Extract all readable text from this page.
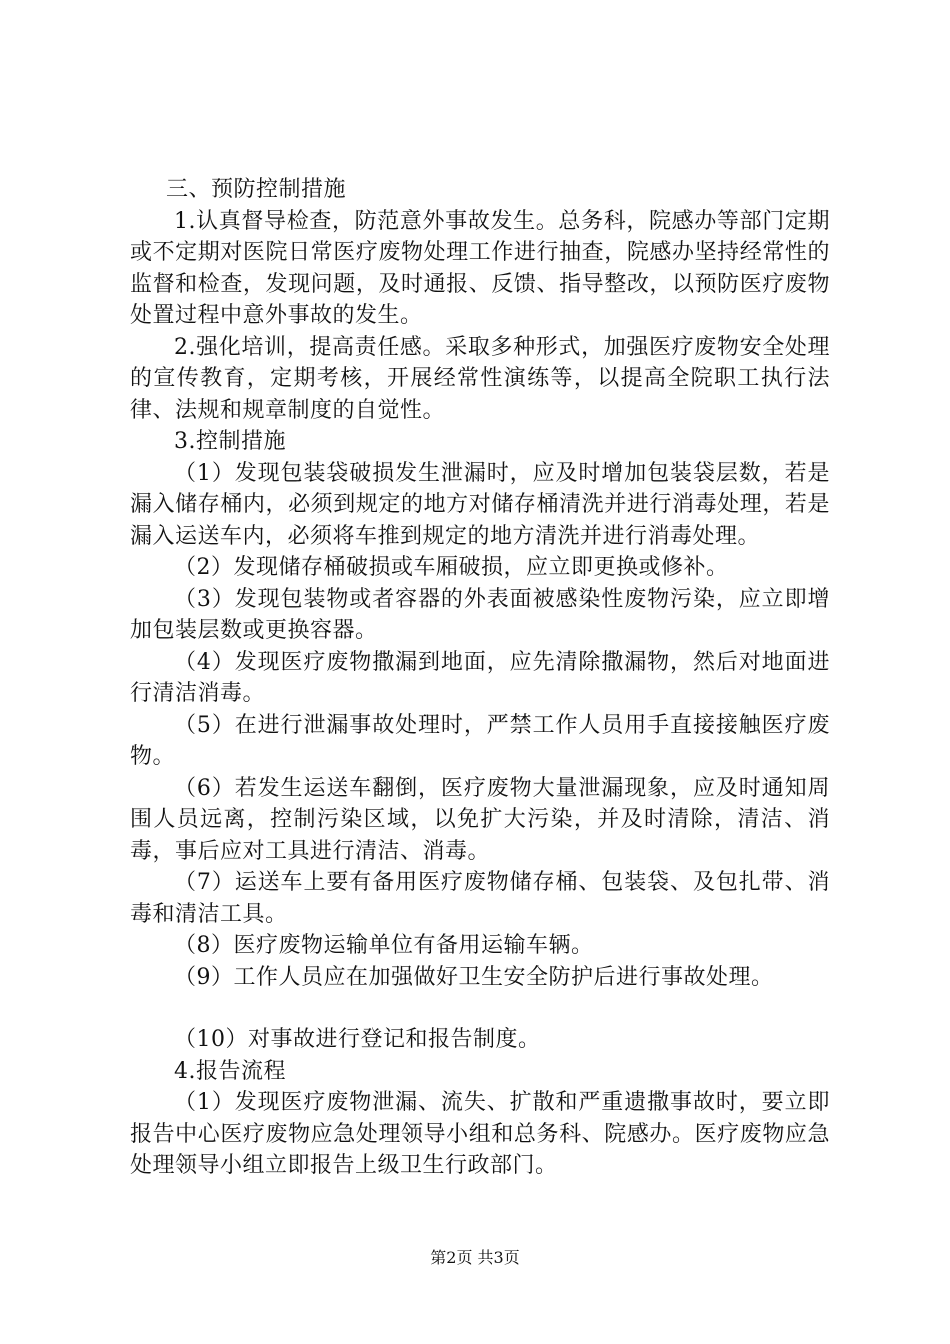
三、预防控制措施

1.认真督导检查，防范意外事故发生。总务科，院感办等部门定期或不定期对医院日常医疗废物处理工作进行抽查，院感办坚持经常性的监督和检查，发现问题，及时通报、反馈、指导整改，以预防医疗废物处置过程中意外事故的发生。

2.强化培训，提高责任感。采取多种形式，加强医疗废物安全处理的宣传教育，定期考核，开展经常性演练等，以提高全院职工执行法律、法规和规章制度的自觉性。

3.控制措施

（1）发现包装袋破损发生泄漏时，应及时增加包装袋层数，若是漏入储存桶内，必须到规定的地方对储存桶清洗并进行消毒处理，若是漏入运送车内，必须将车推到规定的地方清洗并进行消毒处理。

（2）发现储存桶破损或车厢破损，应立即更换或修补。

（3）发现包装物或者容器的外表面被感染性废物污染，应立即增加包装层数或更换容器。

（4）发现医疗废物撒漏到地面，应先清除撒漏物，然后对地面进行清洁消毒。

（5）在进行泄漏事故处理时，严禁工作人员用手直接接触医疗废物。

（6）若发生运送车翻倒，医疗废物大量泄漏现象，应及时通知周围人员远离，控制污染区域，以免扩大污染，并及时清除，清洁、消毒，事后应对工具进行清洁、消毒。

（7）运送车上要有备用医疗废物储存桶、包装袋、及包扎带、消毒和清洁工具。

（8）医疗废物运输单位有备用运输车辆。

（9）工作人员应在加强做好卫生安全防护后进行事故处理。

（10）对事故进行登记和报告制度。

4.报告流程

（1）发现医疗废物泄漏、流失、扩散和严重遗撒事故时，要立即报告中心医疗废物应急处理领导小组和总务科、院感办。医疗废物应急处理领导小组立即报告上级卫生行政部门。

第2页 共3页
